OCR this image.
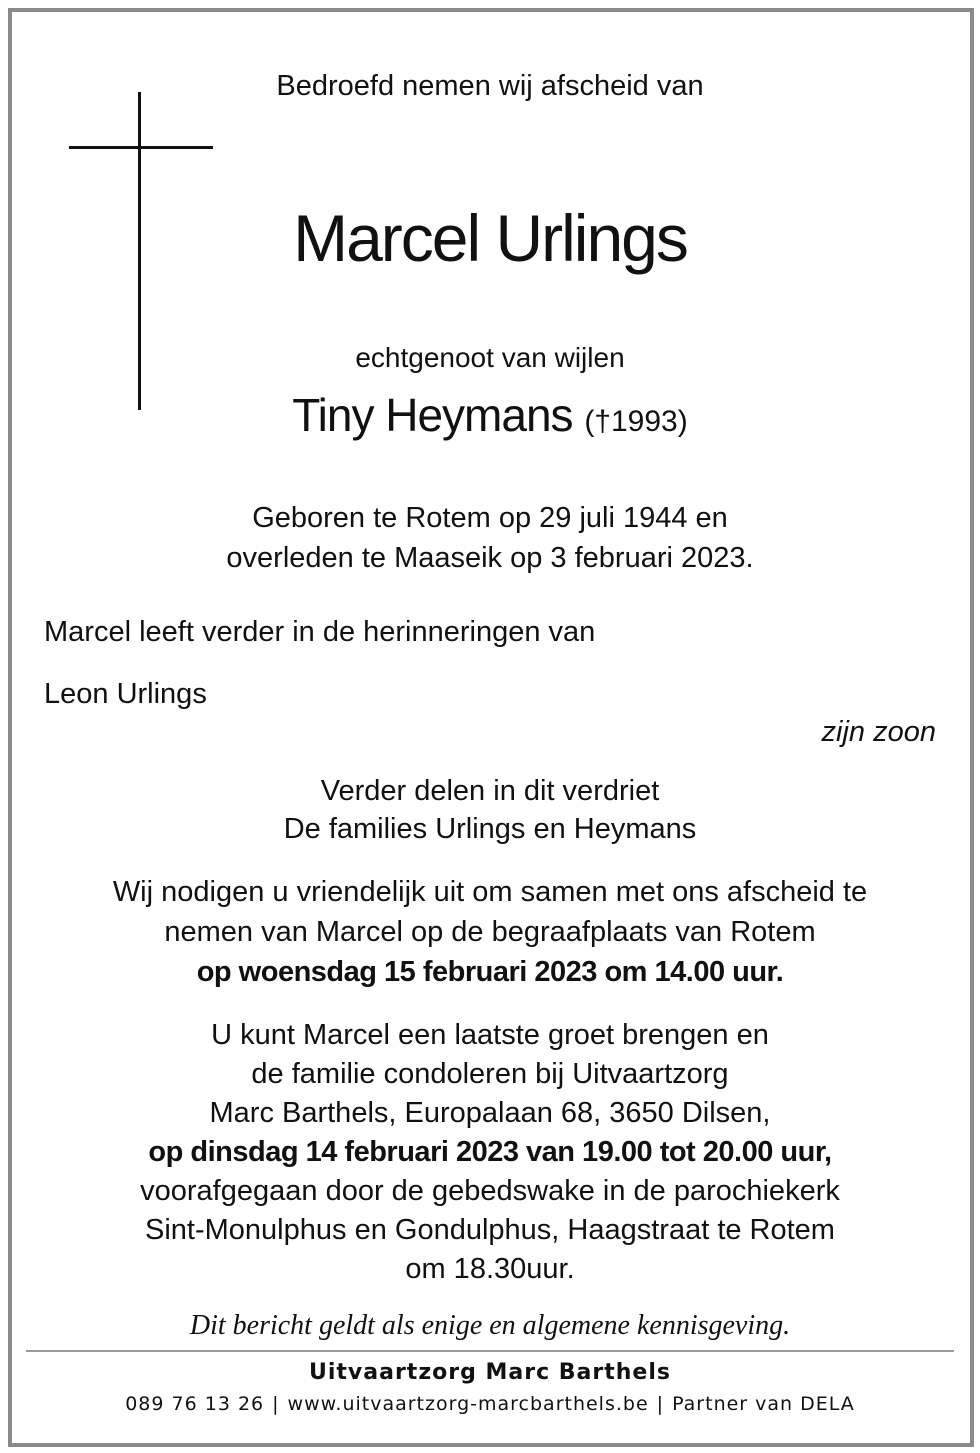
Bedroefd nemen wij afscheid van
Marcel Urlings
echtgenoot van wijlen
Tiny Heymans (†1993)
Geboren te Rotem op 29 juli 1944 en
overleden te Maaseik op 3 februari 2023.
Marcel leeft verder in de herinneringen van
Leon Urlings
zijn zoon
Verder delen in dit verdriet
De families Urlings en Heymans
Wij nodigen u vriendelijk uit om samen met ons afscheid te
nemen van Marcel op de begraafplaats van Rotem
op woensdag 15 februari 2023 om 14.00 uur.
U kunt Marcel een laatste groet brengen en
de familie condoleren bij Uitvaartzorg
Marc Barthels, Europalaan 68, 3650 Dilsen,
op dinsdag 14 februari 2023 van 19.00 tot 20.00 uur,
voorafgegaan door de gebedswake in de parochiekerk
Sint-Monulphus en Gondulphus, Haagstraat te Rotem
om 18.30uur.
Dit bericht geldt als enige en algemene kennisgeving.
Uitvaartzorg Marc Barthels
089 76 13 26 | www.uitvaartzorg-marcbarthels.be | Partner van DELA
